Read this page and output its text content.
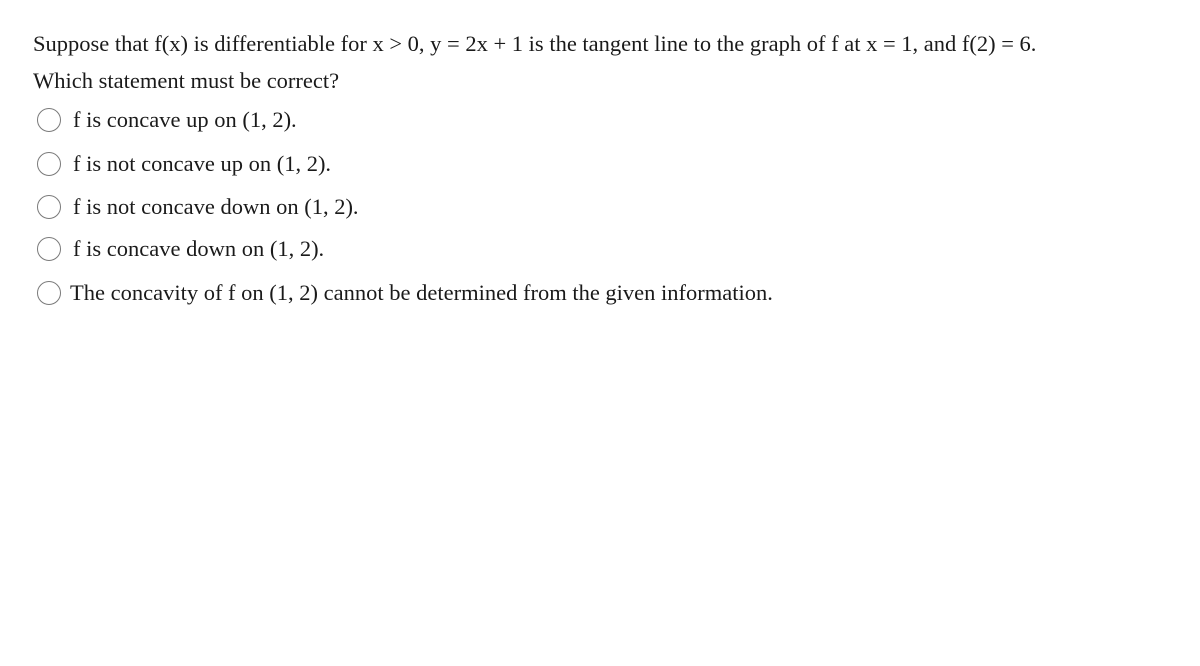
Suppose that f(x) is differentiable for x > 0, y = 2x + 1 is the tangent line to the graph of f at x = 1, and f(2) = 6.
Which statement must be correct?
f is concave up on (1, 2).
f is not concave up on (1, 2).
f is not concave down on (1, 2).
f is concave down on (1, 2).
The concavity of f on (1, 2) cannot be determined from the given information.
